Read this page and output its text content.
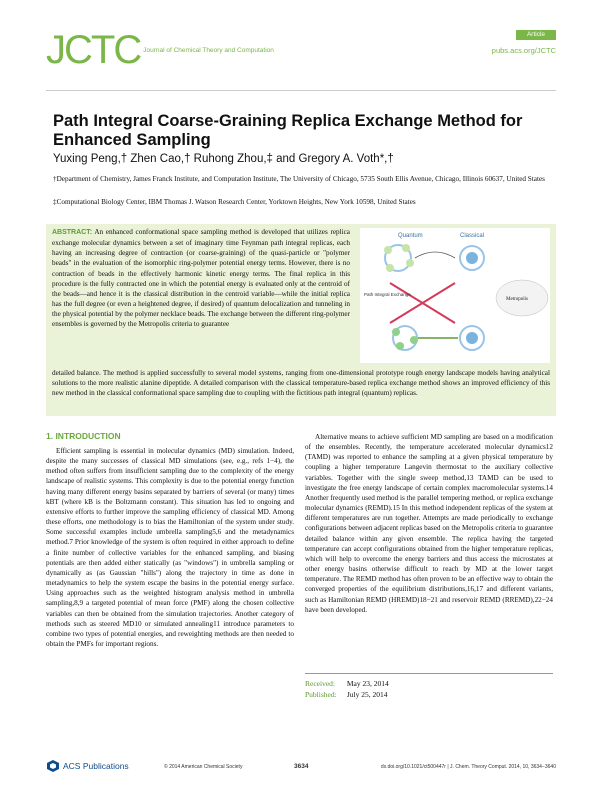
JCTC Journal of Chemical Theory and Computation
Article
pubs.acs.org/JCTC
Path Integral Coarse-Graining Replica Exchange Method for Enhanced Sampling
Yuxing Peng,† Zhen Cao,† Ruhong Zhou,‡ and Gregory A. Voth*,†
†Department of Chemistry, James Franck Institute, and Computation Institute, The University of Chicago, 5735 South Ellis Avenue, Chicago, Illinois 60637, United States
‡Computational Biology Center, IBM Thomas J. Watson Research Center, Yorktown Heights, New York 10598, United States
ABSTRACT: An enhanced conformational space sampling method is developed that utilizes replica exchange molecular dynamics between a set of imaginary time Feynman path integral replicas, each having an increasing degree of contraction (or coarse-graining) of the quasi-particle or "polymer beads" in the evaluation of the isomorphic ring-polymer potential energy terms. However, there is no contraction of beads in the effectively harmonic kinetic energy terms. The final replica in this procedure is the fully contracted one in which the potential energy is evaluated only at the centroid of the beads—and hence it is the classical distribution in the centroid variable—while the initial replica has the full degree (or even a heightened degree, if desired) of quantum delocalization and tunneling in the physical potential by the polymer necklace beads. The exchange between the different ring-polymer ensembles is governed by the Metropolis criteria to guarantee
detailed balance. The method is applied successfully to several model systems, ranging from one-dimensional prototype rough energy landscape models having analytical solutions to the more realistic alanine dipeptide. A detailed comparison with the classical temperature-based replica exchange method shows an improved efficiency of this new method in the classical conformational space sampling due to coupling with the fictitious path integral (quantum) replicas.
Quantum	Classical
Path Integral Exchange
Metropolis
1. INTRODUCTION

Efficient sampling is essential in molecular dynamics (MD) simulation. Indeed, despite the many successes of classical MD simulations (see, e.g., refs 1−4), the method often suffers from insufficient sampling due to the complexity of the energy landscape of realistic systems. This complexity is due to the potential energy function having many different energy basins separated by barriers of several (or many) times kBT (where kB is the Boltzmann constant). This situation has led to ongoing and extensive efforts to further improve the sampling efficiency of classical MD. Among these efforts, one methodology is to bias the Hamiltonian of the system under study. Some successful examples include umbrella sampling5,6 and the metadynamics method.7 Prior knowledge of the system is often required in either approach to define a finite number of collective variables for the enhanced sampling, and biasing potentials are then added either statically (as "windows") in umbrella sampling or dynamically as (as Gaussian "hills") along the trajectory in time as done in metadynamics to help the system escape the basins in the potential energy surface. Using approaches such as the weighted histogram analysis method in umbrella sampling,8,9 a targeted potential of mean force (PMF) along the chosen collective variables can then be obtained from the simulation trajectories. Another category of methods such as steered MD10 or simulated annealing11 introduce parameters to combine two types of potential energies, and reweighting methods are then needed to obtain the PMFs for important regions.

Alternative means to achieve sufficient MD sampling are based on a modification of the ensembles. Recently, the temperature accelerated molecular dynamics12 (TAMD) was reported to enhance the sampling at a given physical temperature by coupling a higher temperature Langevin thermostat to the auxiliary collective variables. Together with the single sweep method,13 TAMD can be used to investigate the free energy landscape of certain complex macromolecular systems.14 Another frequently used method is the parallel tempering method, or replica exchange molecular dynamics (REMD).15 In this method independent replicas of the system at different temperatures are run together. Attempts are made periodically to exchange configurations between adjacent replicas based on the Metropolis criteria to guarantee detailed balance within any given ensemble. The replica having the targeted temperature can accept configurations obtained from the higher temperature replicas, which will help to overcome the energy barriers and thus access the microstates at other energy basins otherwise difficult to reach by MD at the lower target temperature. The REMD method has often proven to be an effective way to obtain the converged properties of the equilibrium distributions,16,17 and different variants, such as Hamiltonian REMD (HREMD)18−21 and reservoir REMD (RREMD),22−24 have been developed.

Received: May 23, 2014
Published: July 25, 2014
ACS Publications	© 2014 American Chemical Society	3634	dx.doi.org/10.1021/ct500447r | J. Chem. Theory Comput. 2014, 10, 3634−3640
